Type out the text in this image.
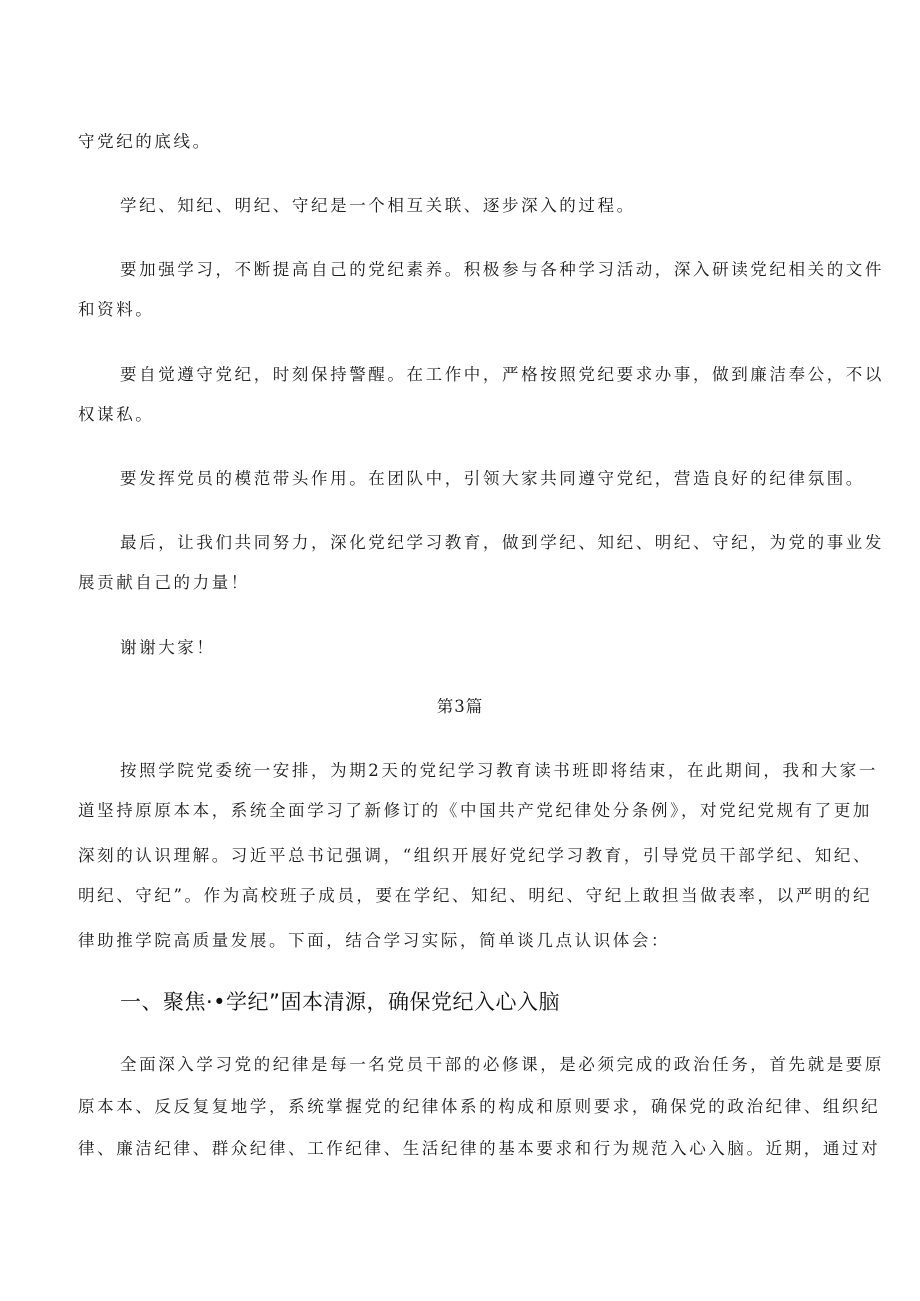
守党纪的底线。
学纪、知纪、明纪、守纪是一个相互关联、逐步深入的过程。
要加强学习，不断提高自己的党纪素养。积极参与各种学习活动，深入研读党纪相关的文件
和资料。
要自觉遵守党纪，时刻保持警醒。在工作中，严格按照党纪要求办事，做到廉洁奉公，不以
权谋私。
要发挥党员的模范带头作用。在团队中，引领大家共同遵守党纪，营造良好的纪律氛围。
最后，让我们共同努力，深化党纪学习教育，做到学纪、知纪、明纪、守纪，为党的事业发
展贡献自己的力量！
谢谢大家！
第3篇
按照学院党委统一安排，为期2天的党纪学习教育读书班即将结束，在此期间，我和大家一
道坚持原原本本，系统全面学习了新修订的《中国共产党纪律处分条例》，对党纪党规有了更加
深刻的认识理解。习近平总书记强调，“组织开展好党纪学习教育，引导党员干部学纪、知纪、
明纪、守纪”。作为高校班子成员，要在学纪、知纪、明纪、守纪上敢担当做表率，以严明的纪
律助推学院高质量发展。下面，结合学习实际，简单谈几点认识体会：
一、聚焦·•学纪”固本清源，确保党纪入心入脑
全面深入学习党的纪律是每一名党员干部的必修课，是必须完成的政治任务，首先就是要原
原本本、反反复复地学，系统掌握党的纪律体系的构成和原则要求，确保党的政治纪律、组织纪
律、廉洁纪律、群众纪律、工作纪律、生活纪律的基本要求和行为规范入心入脑。近期，通过对
